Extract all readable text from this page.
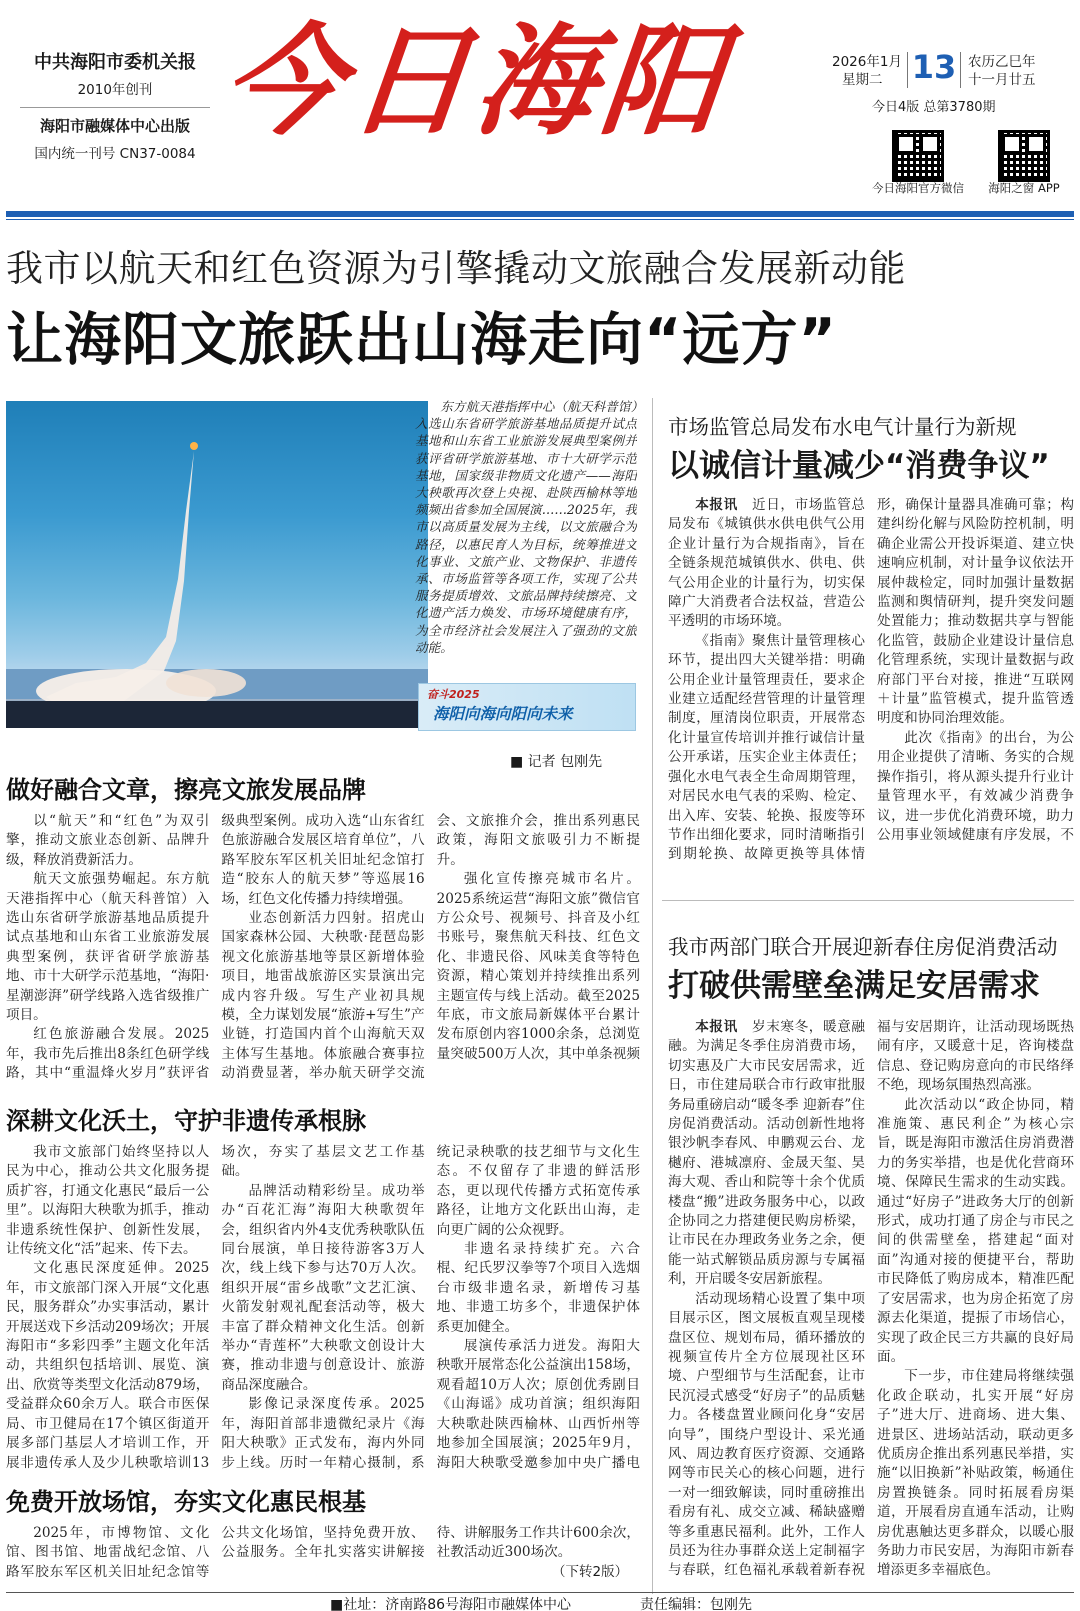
中共海阳市委机关报
2010年创刊
海阳市融媒体中心出版
国内统一刊号 CN37-0084
今日海阳	2026年1月
星期二 13 农历乙巳年
十一月廿五
今日4版 总第3780期
今日海阳官方微信	海阳之窗 APP
我市以航天和红色资源为引擎撬动文旅融合发展新动能
让海阳文旅跃出山海走向“远方”

东方航天港指挥中心（航天科普馆）入选山东省研学旅游基地品质提升试点基地和山东省工业旅游发展典型案例并获评省研学旅游基地、市十大研学示范基地，国家级非物质文化遗产——海阳大秧歌再次登上央视、赴陕西榆林等地频频出省参加全国展演……2025年，我市以高质量发展为主线，以文旅融合为路径，以惠民育人为目标，统筹推进文化事业、文旅产业、文物保护、非遗传承、市场监管等各项工作，实现了公共服务提质增效、文旅品牌持续擦亮、文化遗产活力焕发、市场环境健康有序，为全市经济社会发展注入了强劲的文旅动能。

奋斗2025
海阳向海向阳向未来
■ 记者 包刚先
做好融合文章，擦亮文旅发展品牌

以“航天”和“红色”为双引擎，推动文旅业态创新、品牌升级，释放消费新活力。

航天文旅强势崛起。东方航天港指挥中心（航天科普馆）入选山东省研学旅游基地品质提升试点基地和山东省工业旅游发展典型案例，获评省研学旅游基地、市十大研学示范基地，“海阳·星潮澎湃”研学线路入选省级推广项目。

红色旅游融合发展。2025年，我市先后推出8条红色研学线路，其中“重温烽火岁月”获评省级典型案例。成功入选“山东省红色旅游融合发展区培育单位”，八路军胶东军区机关旧址纪念馆打造“胶东人的航天梦”等巡展16场，红色文化传播力持续增强。

业态创新活力四射。招虎山国家森林公园、大秧歌·琵琶岛影视文化旅游基地等景区新增体验项目，地雷战旅游区实景演出完成内容升级。写生产业初具规模，全力谋划发展“旅游+写生”产业链，打造国内首个山海航天双主体写生基地。体旅融合赛事拉动消费显著，举办航天研学交流会、文旅推介会，推出系列惠民政策，海阳文旅吸引力不断提升。

强化宣传擦亮城市名片。2025系统运营“海阳文旅”微信官方公众号、视频号、抖音及小红书账号，聚焦航天科技、红色文化、非遗民俗、风味美食等特色资源，精心策划并持续推出系列主题宣传与线上活动。截至2025年底，市文旅局新媒体平台累计发布原创内容1000余条，总浏览量突破500万人次，其中单条视频

深耕文化沃土，守护非遗传承根脉

我市文旅部门始终坚持以人民为中心，推动公共文化服务提质扩容，打通文化惠民“最后一公里”。以海阳大秧歌为抓手，推动非遗系统性保护、创新性发展，让传统文化“活”起来、传下去。

文化惠民深度延伸。2025年，市文旅部门深入开展“文化惠民，服务群众”办实事活动，累计开展送戏下乡活动209场次；开展海阳市“多彩四季”主题文化年活动，共组织包括培训、展览、演出、欣赏等类型文化活动879场，受益群众60余万人。联合市医保局、市卫健局在17个镇区街道开展多部门基层人才培训工作，开展非遗传承人及少儿秧歌培训13场次，夯实了基层文艺工作基础。

品牌活动精彩纷呈。成功举办“百花汇海”海阳大秧歌贺年会，组织省内外4支优秀秧歌队伍同台展演，单日接待游客3万人次，线上线下参与达70万人次。组织开展“雷乡战歌”文艺汇演、火箭发射观礼配套活动等，极大丰富了群众精神文化生活。创新举办“青莲杯”大秧歌文创设计大赛，推动非遗与创意设计、旅游商品深度融合。

影像记录深度传承。2025年，海阳首部非遗微纪录片《海阳大秧歌》正式发布，海内外同步上线。历时一年精心摄制，系统记录秧歌的技艺细节与文化生态。不仅留存了非遗的鲜活形态，更以现代传播方式拓宽传承路径，让地方文化跃出山海，走向更广阔的公众视野。

非遗名录持续扩充。六合棍、纪氏罗汉拳等7个项目入选烟台市级非遗名录，新增传习基地、非遗工坊多个，非遗保护体系更加健全。

展演传承活力迸发。海阳大秧歌开展常态化公益演出158场，观看超10万人次；原创优秀剧目《山海谣》成功首演；组织海阳大秧歌赴陕西榆林、山西忻州等地参加全国展演；2025年9月，海阳大秧歌受邀参加中央广播电

免费开放场馆，夯实文化惠民根基

2025年，市博物馆、文化馆、图书馆、地雷战纪念馆、八路军胶东军区机关旧址纪念馆等公共文化场馆，坚持免费开放、公益服务。全年扎实落实讲解接待、讲解服务工作共计600余次，社教活动近300场次。

（下转2版）
市场监管总局发布水电气计量行为新规
以诚信计量减少“消费争议”

本报讯　 近日，市场监管总局发布《城镇供水供电供气公用企业计量行为合规指南》，旨在全链条规范城镇供水、供电、供气公用企业的计量行为，切实保障广大消费者合法权益，营造公平透明的市场环境。

《指南》聚焦计量管理核心环节，提出四大关键举措：明确公用企业计量管理责任，要求企业建立适配经营管理的计量管理制度，厘清岗位职责，开展常态化计量宣传培训并推行诚信计量公开承诺，压实企业主体责任；强化水电气表全生命周期管理，对居民水电气表的采购、检定、出入库、安装、轮换、报废等环节作出细化要求，同时清晰指引到期轮换、故障更换等具体情形，确保计量器具准确可靠；构建纠纷化解与风险防控机制，明确企业需公开投诉渠道、建立快速响应机制，对计量争议依法开展仲裁检定，同时加强计量数据监测和舆情研判，提升突发问题处置能力；推动数据共享与智能化监管，鼓励企业建设计量信息化管理系统，实现计量数据与政府部门平台对接，推进“互联网＋计量”监管模式，提升监管透明度和协同治理效能。

此次《指南》的出台，为公用企业提供了清晰、务实的合规操作指引，将从源头提升行业计量管理水平，有效减少消费争议，进一步优化消费环境，助力公用事业领域健康有序发展，不

我市两部门联合开展迎新春住房促消费活动
打破供需壁垒满足安居需求

本报讯　 岁末寒冬，暖意融融。为满足冬季住房消费市场，切实惠及广大市民安居需求，近日，市住建局联合市行政审批服务局重磅启动“暖冬季 迎新春”住房促消费活动。活动创新性地将银沙帆李春风、申鹏观云台、龙樾府、港城凛府、金晟天玺、昊海大观、香山和院等十余个优质楼盘“搬”进政务服务中心，以政企协同之力搭建便民购房桥梁，让市民在办理政务业务之余，便能一站式解锁品质房源与专属福利，开启暖冬安居新旅程。

活动现场精心设置了集中项目展示区，图文展板直观呈现楼盘区位、规划布局，循环播放的视频宣传片全方位展现社区环境、户型细节与生活配套，让市民沉浸式感受“好房子”的品质魅力。各楼盘置业顾问化身“安居向导”，围绕户型设计、采光通风、周边教育医疗资源、交通路网等市民关心的核心问题，进行一对一细致解读，同时重磅推出看房有礼、成交立减、稀缺盛赠等多重惠民福利。此外，工作人员还为往办事群众送上定制福字与春联，红色福礼承载着新春祝福与安居期许，让活动现场既热闹有序，又暖意十足，咨询楼盘信息、登记购房意向的市民络绎不绝，现场氛围热烈高涨。

此次活动以“政企协同，精准施策、惠民利企”为核心宗旨，既是海阳市激活住房消费潜力的务实举措，也是优化营商环境、保障民生需求的生动实践。通过“好房子”进政务大厅的创新形式，成功打通了房企与市民之间的供需壁垒，搭建起“面对面”沟通对接的便捷平台，帮助市民降低了购房成本，精准匹配了安居需求，也为房企拓宽了房源去化渠道，提振了市场信心，实现了政企民三方共赢的良好局面。

下一步，市住建局将继续强化政企联动，扎实开展“好房子”进大厅、进商场、进大集、进景区、进场站活动，联动更多优质房企推出系列惠民举措，实施“以旧换新”补贴政策，畅通住房置换链条。同时拓展看房渠道，开展看房直通车活动，让购房优惠触达更多群众，以暖心服务助力市民安居，为海阳市新春增添更多幸福底色。

■社址：济南路86号海阳市融媒体中心	责任编辑：包刚先
